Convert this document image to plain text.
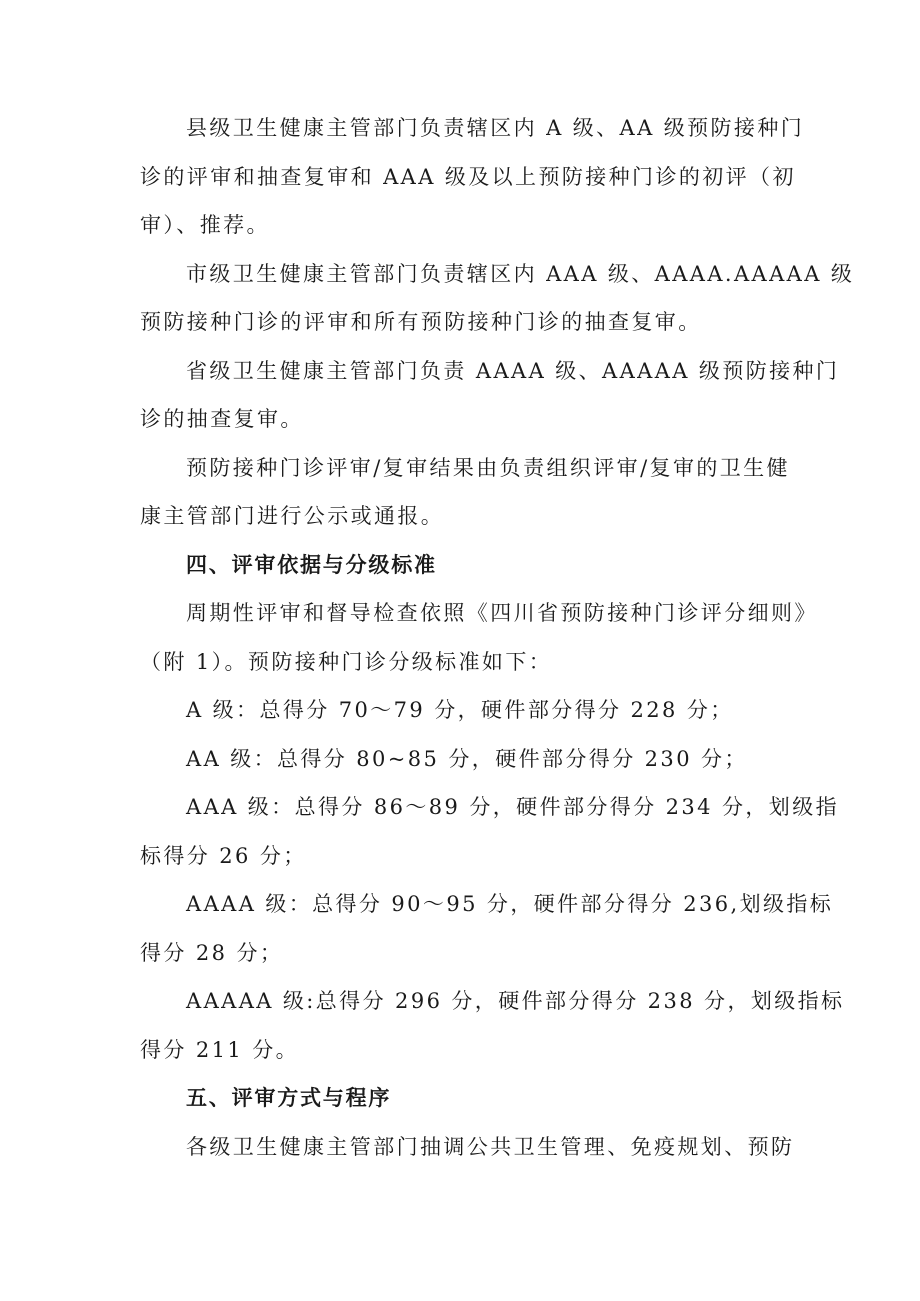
县级卫生健康主管部门负责辖区内 A 级、AA 级预防接种门
诊的评审和抽查复审和 AAA 级及以上预防接种门诊的初评（初
审）、推荐。
市级卫生健康主管部门负责辖区内 AAA 级、AAAA.AAAAA 级
预防接种门诊的评审和所有预防接种门诊的抽查复审。
省级卫生健康主管部门负责 AAAA 级、AAAAA 级预防接种门
诊的抽查复审。
预防接种门诊评审/复审结果由负责组织评审/复审的卫生健
康主管部门进行公示或通报。
四、评审依据与分级标准
周期性评审和督导检查依照《四川省预防接种门诊评分细则》
（附 1）。预防接种门诊分级标准如下：
A 级：总得分 70～79 分，硬件部分得分 228 分；
AA 级：总得分 80~85 分，硬件部分得分 230 分；
AAA 级：总得分 86～89 分，硬件部分得分 234 分，划级指
标得分 26 分；
AAAA 级：总得分 90～95 分，硬件部分得分 236,划级指标
得分 28 分；
AAAAA 级:总得分 296 分，硬件部分得分 238 分，划级指标
得分 211 分。
五、评审方式与程序
各级卫生健康主管部门抽调公共卫生管理、免疫规划、预防
